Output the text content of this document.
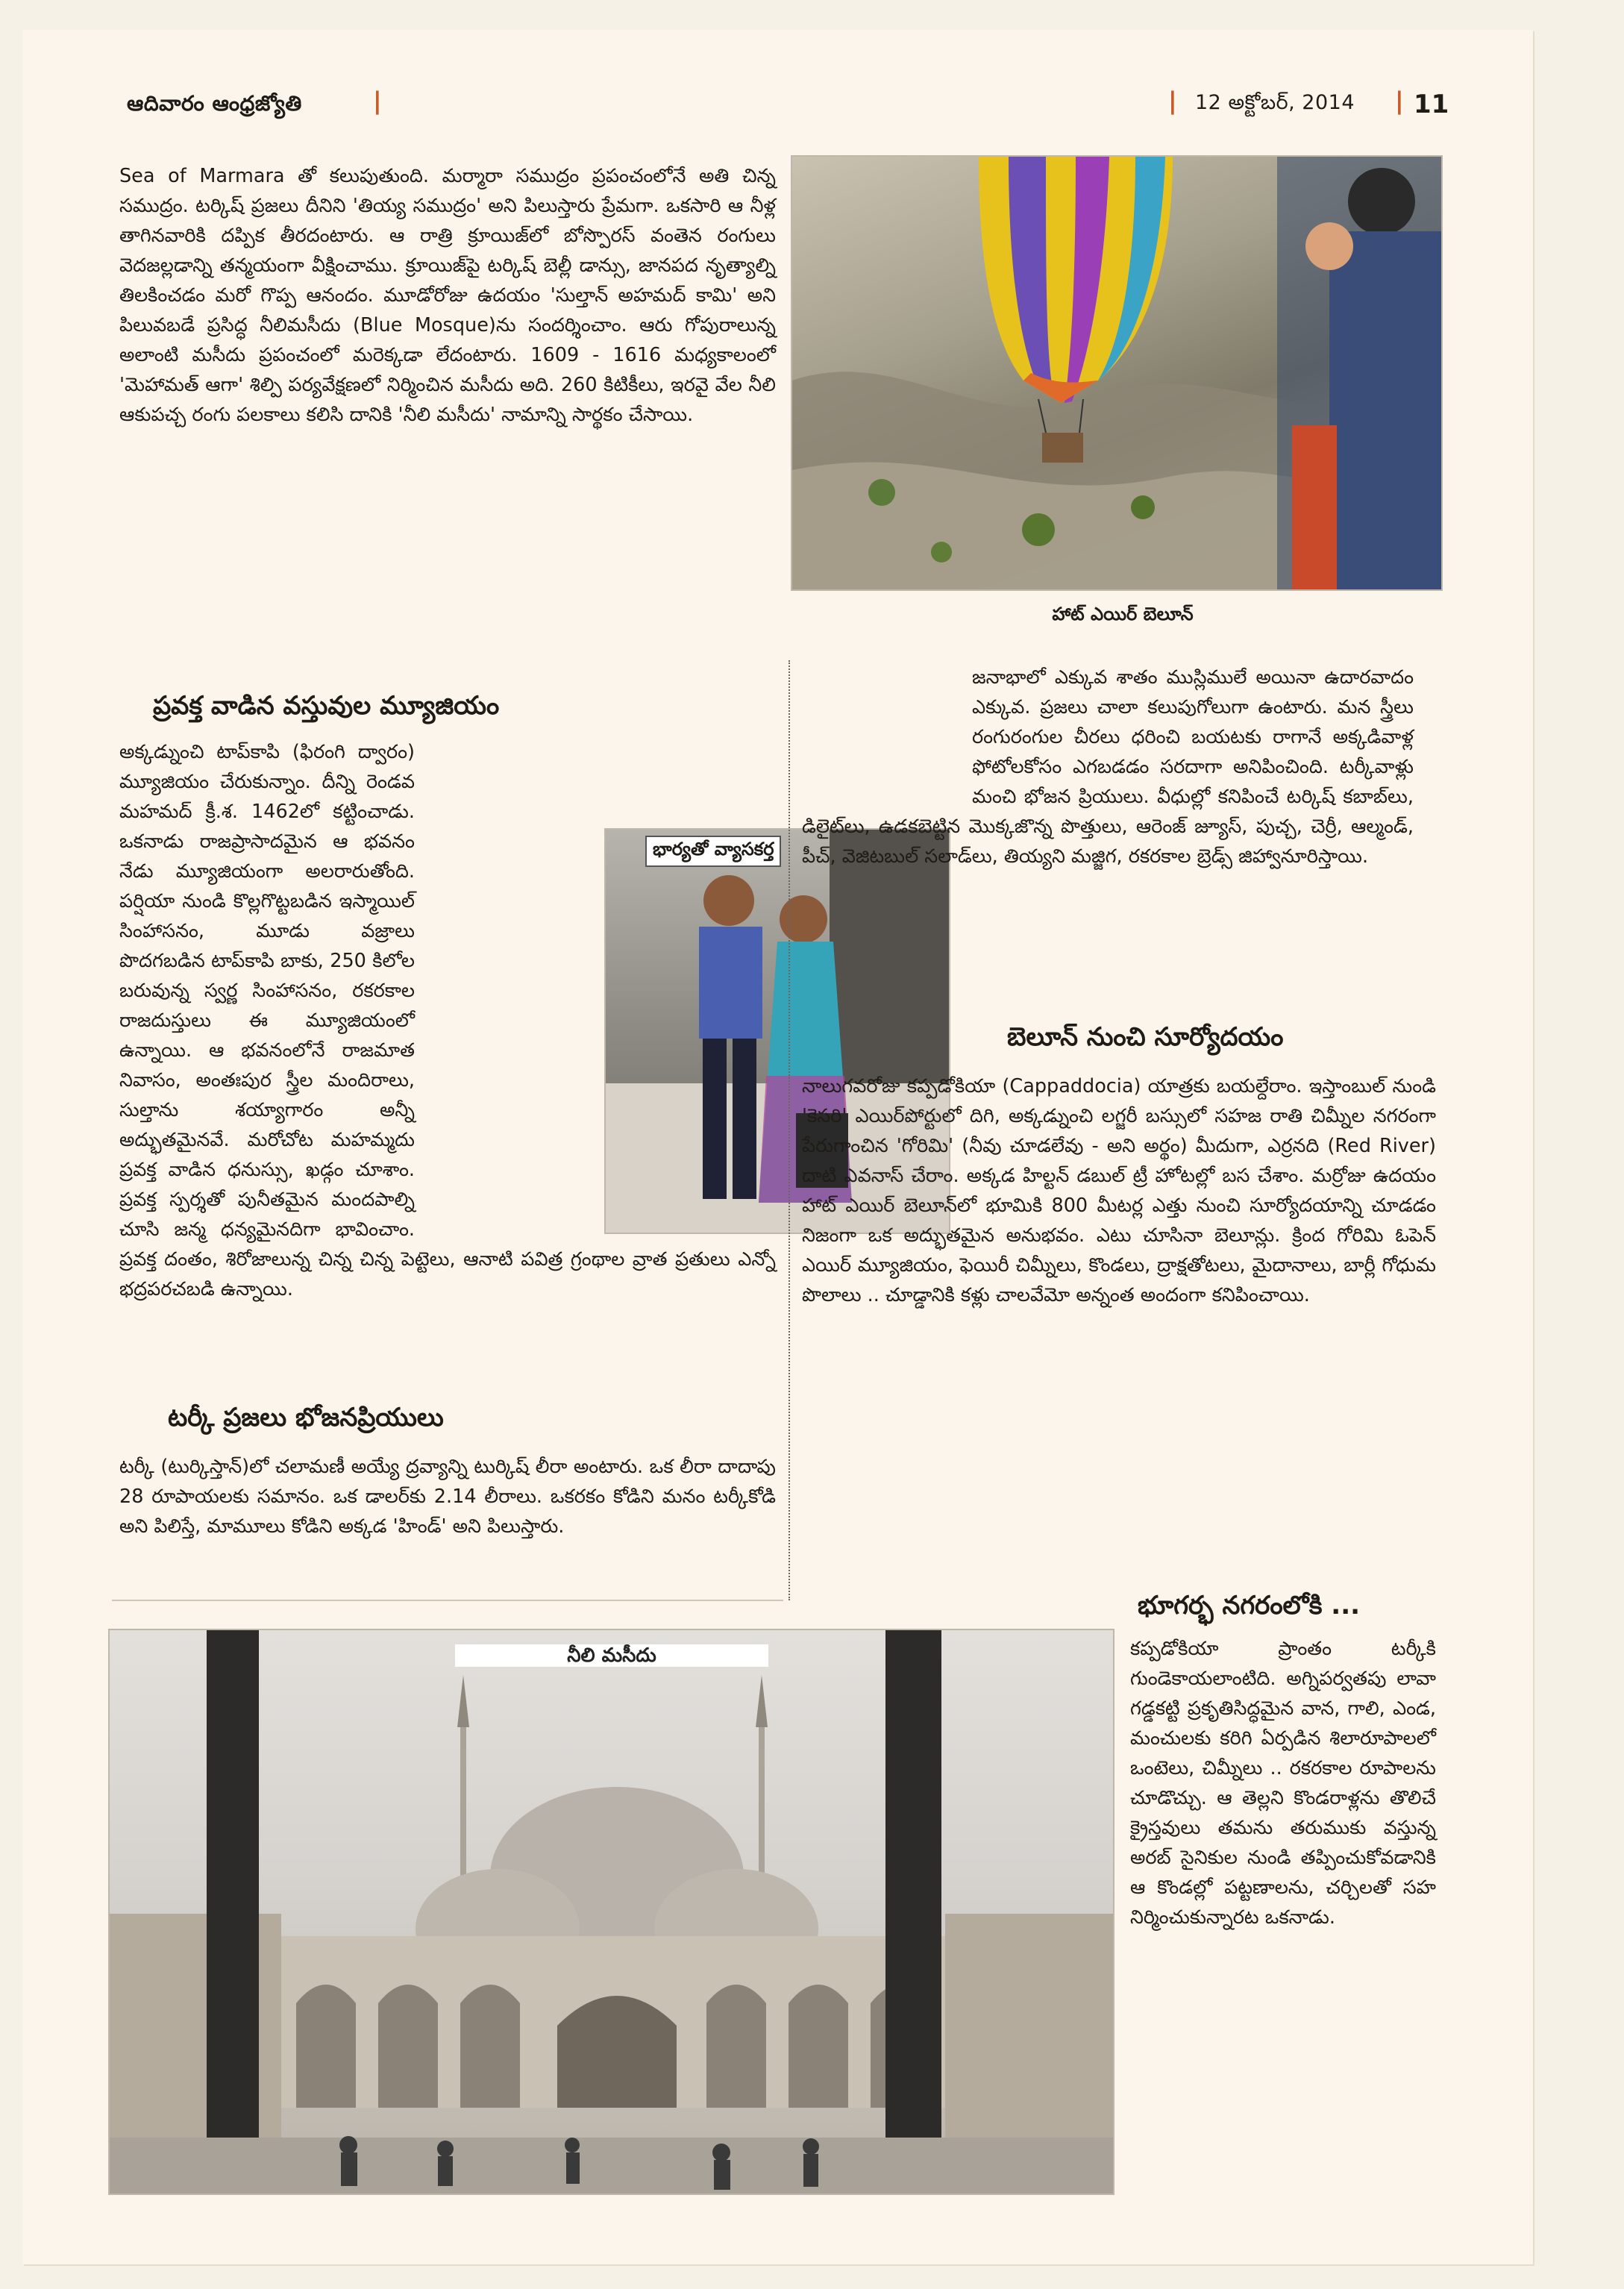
ఆదివారం ఆంధ్రజ్యోతి	|	| 12 అక్టోబర్, 2014 | 11
హాట్ ఎయిర్ బెలూన్
Sea of Marmara తో కలుపుతుంది. మర్మారా సముద్రం ప్రపంచంలోనే అతి చిన్న సముద్రం. టర్కిష్ ప్రజలు దీనిని 'తియ్య సముద్రం' అని పిలుస్తారు ప్రేమగా. ఒకసారి ఆ నీళ్ల తాగినవారికి దప్పిక తీరదంటారు. ఆ రాత్రి క్రూయిజ్‌లో బోస్పొరస్ వంతెన రంగులు వెదజల్లడాన్ని తన్మయంగా వీక్షించాము. క్రూయిజ్‌పై టర్కిష్ బెల్లీ డాన్సు, జానపద నృత్యాల్ని తిలకించడం మరో గొప్ప ఆనందం. మూడోరోజు ఉదయం 'సుల్తాన్ అహమద్ కామి' అని పిలువబడే ప్రసిద్ధ నీలిమసీదు (Blue Mosque)ను సందర్శించాం. ఆరు గోపురాలున్న అలాంటి మసీదు ప్రపంచంలో మరెక్కడా లేదంటారు. 1609 - 1616 మధ్యకాలంలో 'మెహామత్ ఆగా' శిల్పి పర్యవేక్షణలో నిర్మించిన మసీదు అది. 260 కిటికీలు, ఇరవై వేల నీలి ఆకుపచ్చ రంగు పలకాలు కలిసి దానికి 'నీలి మసీదు' నామాన్ని సార్థకం చేసాయి.
ప్రవక్త వాడిన వస్తువుల మ్యూజియం
అక్కడ్నుంచి టాప్‌కాపి (ఫిరంగి ద్వారం) మ్యూజియం చేరుకున్నాం. దీన్ని రెండవ మహమద్ క్రీ.శ. 1462లో కట్టించాడు. ఒకనాడు రాజప్రాసాదమైన ఆ భవనం నేడు మ్యూజియంగా అలరారుతోంది. పర్షియా నుండి కొల్లగొట్టబడిన ఇస్మాయిల్ సింహాసనం, మూడు వజ్రాలు పొదగబడిన టాప్‌కాపి బాకు, 250 కిలోల బరువున్న స్వర్ణ సింహాసనం, రకరకాల రాజదుస్తులు ఈ మ్యూజియంలో ఉన్నాయి. ఆ భవనంలోనే రాజమాత నివాసం, అంతఃపుర స్త్రీల మందిరాలు, సుల్తాను శయ్యాగారం అన్నీ అద్భుతమైనవే. మరోచోట మహమ్మదు ప్రవక్త వాడిన ధనుస్సు, ఖడ్గం చూశాం. ప్రవక్త స్పర్శతో పునీతమైన మందపాల్ని చూసి జన్మ ధన్యమైనదిగా భావించాం. ప్రవక్త దంతం, శిరోజాలున్న చిన్న చిన్న పెట్టెలు, ఆనాటి పవిత్ర గ్రంథాల వ్రాత ప్రతులు ఎన్నో భద్రపరచబడి ఉన్నాయి.
భార్యతో వ్యాసకర్త
టర్కీ ప్రజలు భోజనప్రియులు
టర్కీ (టుర్కిస్తాన్)లో చలామణీ అయ్యే ద్రవ్యాన్ని టుర్కిష్ లీరా అంటారు. ఒక లీరా దాదాపు 28 రూపాయలకు సమానం. ఒక డాలర్‌కు 2.14 లీరాలు. ఒకరకం కోడిని మనం టర్కీకోడి అని పిలిస్తే, మామూలు కోడిని అక్కడ 'హిండ్' అని పిలుస్తారు.
జనాభాలో ఎక్కువ శాతం ముస్లిములే అయినా ఉదారవాదం ఎక్కువ. ప్రజలు చాలా కలుపుగోలుగా ఉంటారు. మన స్త్రీలు రంగురంగుల చీరలు ధరించి బయటకు రాగానే అక్కడివాళ్ల ఫోటోలకోసం ఎగబడడం సరదాగా అనిపించింది. టర్కీవాళ్లు మంచి భోజన ప్రియులు. వీధుల్లో కనిపించే టర్కిష్ కబాబ్‌లు, డిలైట్‌లు, ఉడకబెట్టిన మొక్కజొన్న పొత్తులు, ఆరెంజ్ జ్యూస్, పుచ్చ, చెర్రీ, ఆల్మండ్, పీచ్, వెజిటబుల్ సలాడ్‌లు, తియ్యని మజ్జిగ, రకరకాల బ్రెడ్స్ జిహ్వానూరిస్తాయి.
బెలూన్ నుంచి సూర్యోదయం
నాలుగవరోజు కప్పడోకియా (Cappaddocia) యాత్రకు బయల్దేరాం. ఇస్తాంబుల్ నుండి 'కెసరి' ఎయిర్‌పోర్టులో దిగి, అక్కడ్నుంచి లగ్జరీ బస్సులో సహజ రాతి చిమ్నీల నగరంగా పేరుగాంచిన 'గోరిమి' (నీవు చూడలేవు - అని అర్థం) మీదుగా, ఎర్రనది (Red River) దాటి ఎవనాస్ చేరాం. అక్కడ హిల్టన్ డబుల్ ట్రీ హోటల్లో బస చేశాం. మర్రోజు ఉదయం హాట్ ఎయిర్ బెలూన్‌లో భూమికి 800 మీటర్ల ఎత్తు నుంచి సూర్యోదయాన్ని చూడడం నిజంగా ఒక అద్భుతమైన అనుభవం. ఎటు చూసినా బెలూన్లు. క్రింద గోరిమి ఓపెన్ ఎయిర్ మ్యూజియం, ఫెయిరీ చిమ్నీలు, కొండలు, ద్రాక్షతోటలు, మైదానాలు, బార్లీ గోధుమ పొలాలు .. చూడ్డానికి కళ్లు చాలవేమో అన్నంత అందంగా కనిపించాయి.
భూగర్భ నగరంలోకి ...
నీలి మసీదు	కప్పడోకియా ప్రాంతం టర్కీకి గుండెకాయలాంటిది. అగ్నిపర్వతపు లావా గడ్డకట్టి ప్రకృతిసిద్ధమైన వాన, గాలి, ఎండ, మంచులకు కరిగి ఏర్పడిన శిలారూపాలలో ఒంటెలు, చిమ్నీలు .. రకరకాల రూపాలను చూడొచ్చు. ఆ తెల్లని కొండరాళ్లను తొలిచే క్రైస్తవులు తమను తరుముకు వస్తున్న అరబ్ సైనికుల నుండి తప్పించుకోవడానికి ఆ కొండల్లో పట్టణాలను, చర్చిలతో సహ నిర్మించుకున్నారట ఒకనాడు.
